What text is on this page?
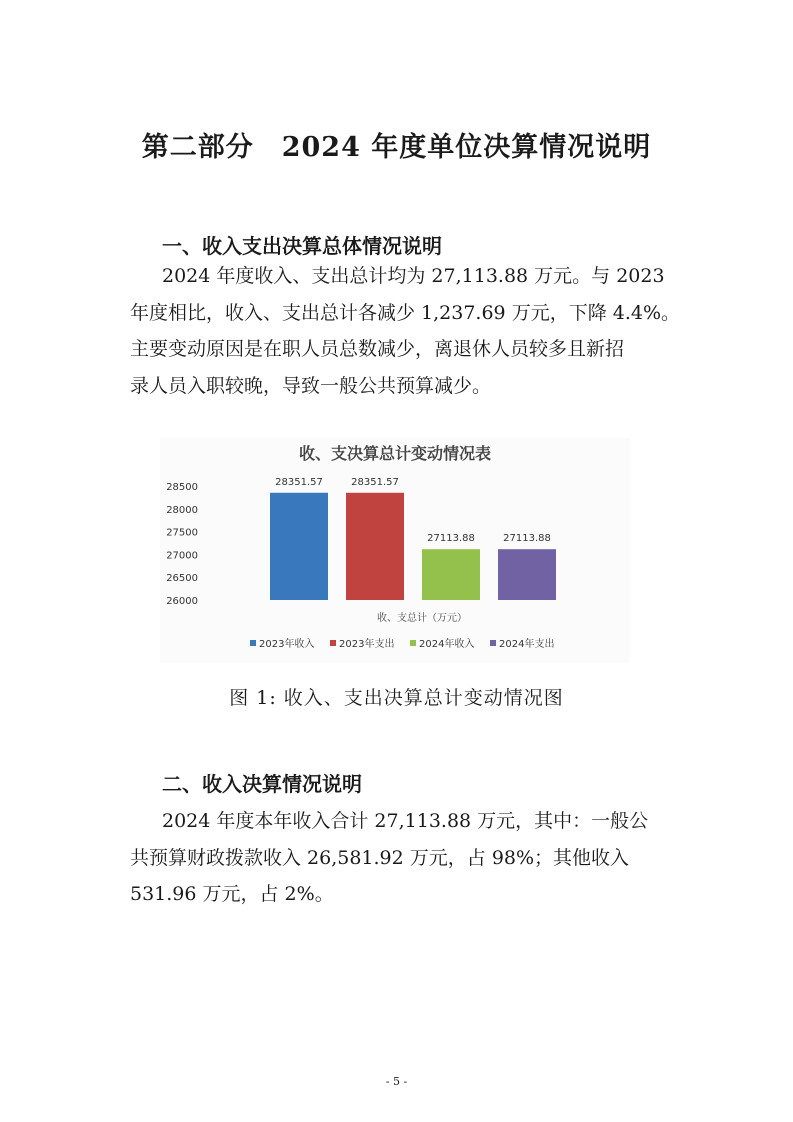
第二部分　2024 年度单位决算情况说明
一、收入支出决算总体情况说明
2024 年度收入、支出总计均为 27,113.88 万元。与 2023
年度相比，收入、支出总计各减少 1,237.69 万元，下降 4.4%。
主要变动原因是在职人员总数减少，离退休人员较多且新招
录人员入职较晚，导致一般公共预算减少。
收、支决算总计变动情况表
26000
26500
27000
27500
28000
28500	28351.57	28351.57
27113.88	27113.88
收、支总计（万元）
2023年收入 2023年支出 2024年收入 2024年支出
图 1: 收入、支出决算总计变动情况图
二、收入决算情况说明
2024 年度本年收入合计 27,113.88 万元，其中：一般公
共预算财政拨款收入 26,581.92 万元，占 98%；其他收入
531.96 万元，占 2%。
- 5 -
